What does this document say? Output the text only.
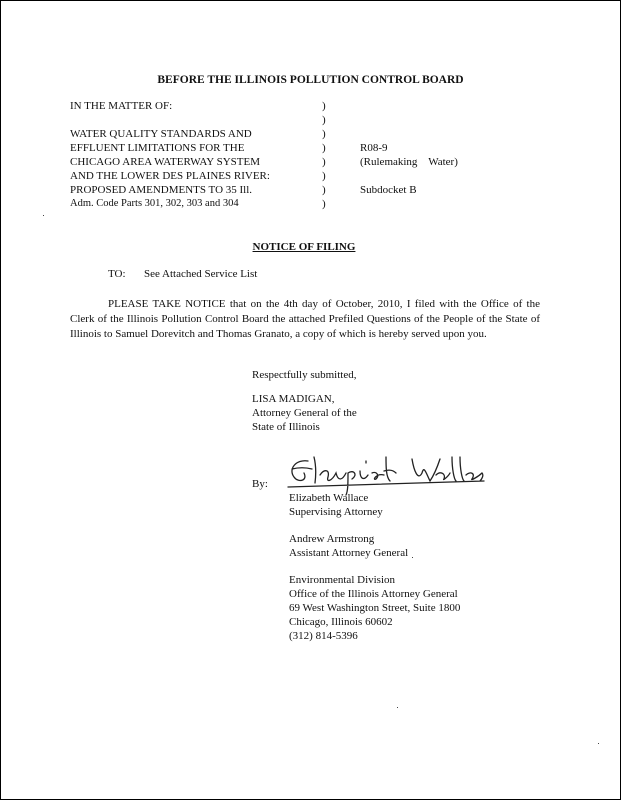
BEFORE THE ILLINOIS POLLUTION CONTROL BOARD
IN THE MATTER OF:
WATER QUALITY STANDARDS AND
EFFLUENT LIMITATIONS FOR THE
CHICAGO AREA WATERWAY SYSTEM
AND THE LOWER DES PLAINES RIVER:
PROPOSED AMENDMENTS TO 35 Ill.
Adm. Code Parts 301, 302, 303 and 304
)
)
)
)
)
)
)
)
R08-9
(Rulemaking    Water)
Subdocket B
NOTICE OF FILING
TO: See Attached Service List
PLEASE TAKE NOTICE that on the 4th day of October, 2010, I filed with the Office of the Clerk of the Illinois Pollution Control Board the attached Prefiled Questions of the People of the State of Illinois to Samuel Dorevitch and Thomas Granato, a copy of which is hereby served upon you.
Respectfully submitted,
LISA MADIGAN,
Attorney General of the
State of Illinois
By:
Elizabeth Wallace
Supervising Attorney
Andrew Armstrong
Assistant Attorney General
Environmental Division
Office of the Illinois Attorney General
69 West Washington Street, Suite 1800
Chicago, Illinois 60602
(312) 814-5396
